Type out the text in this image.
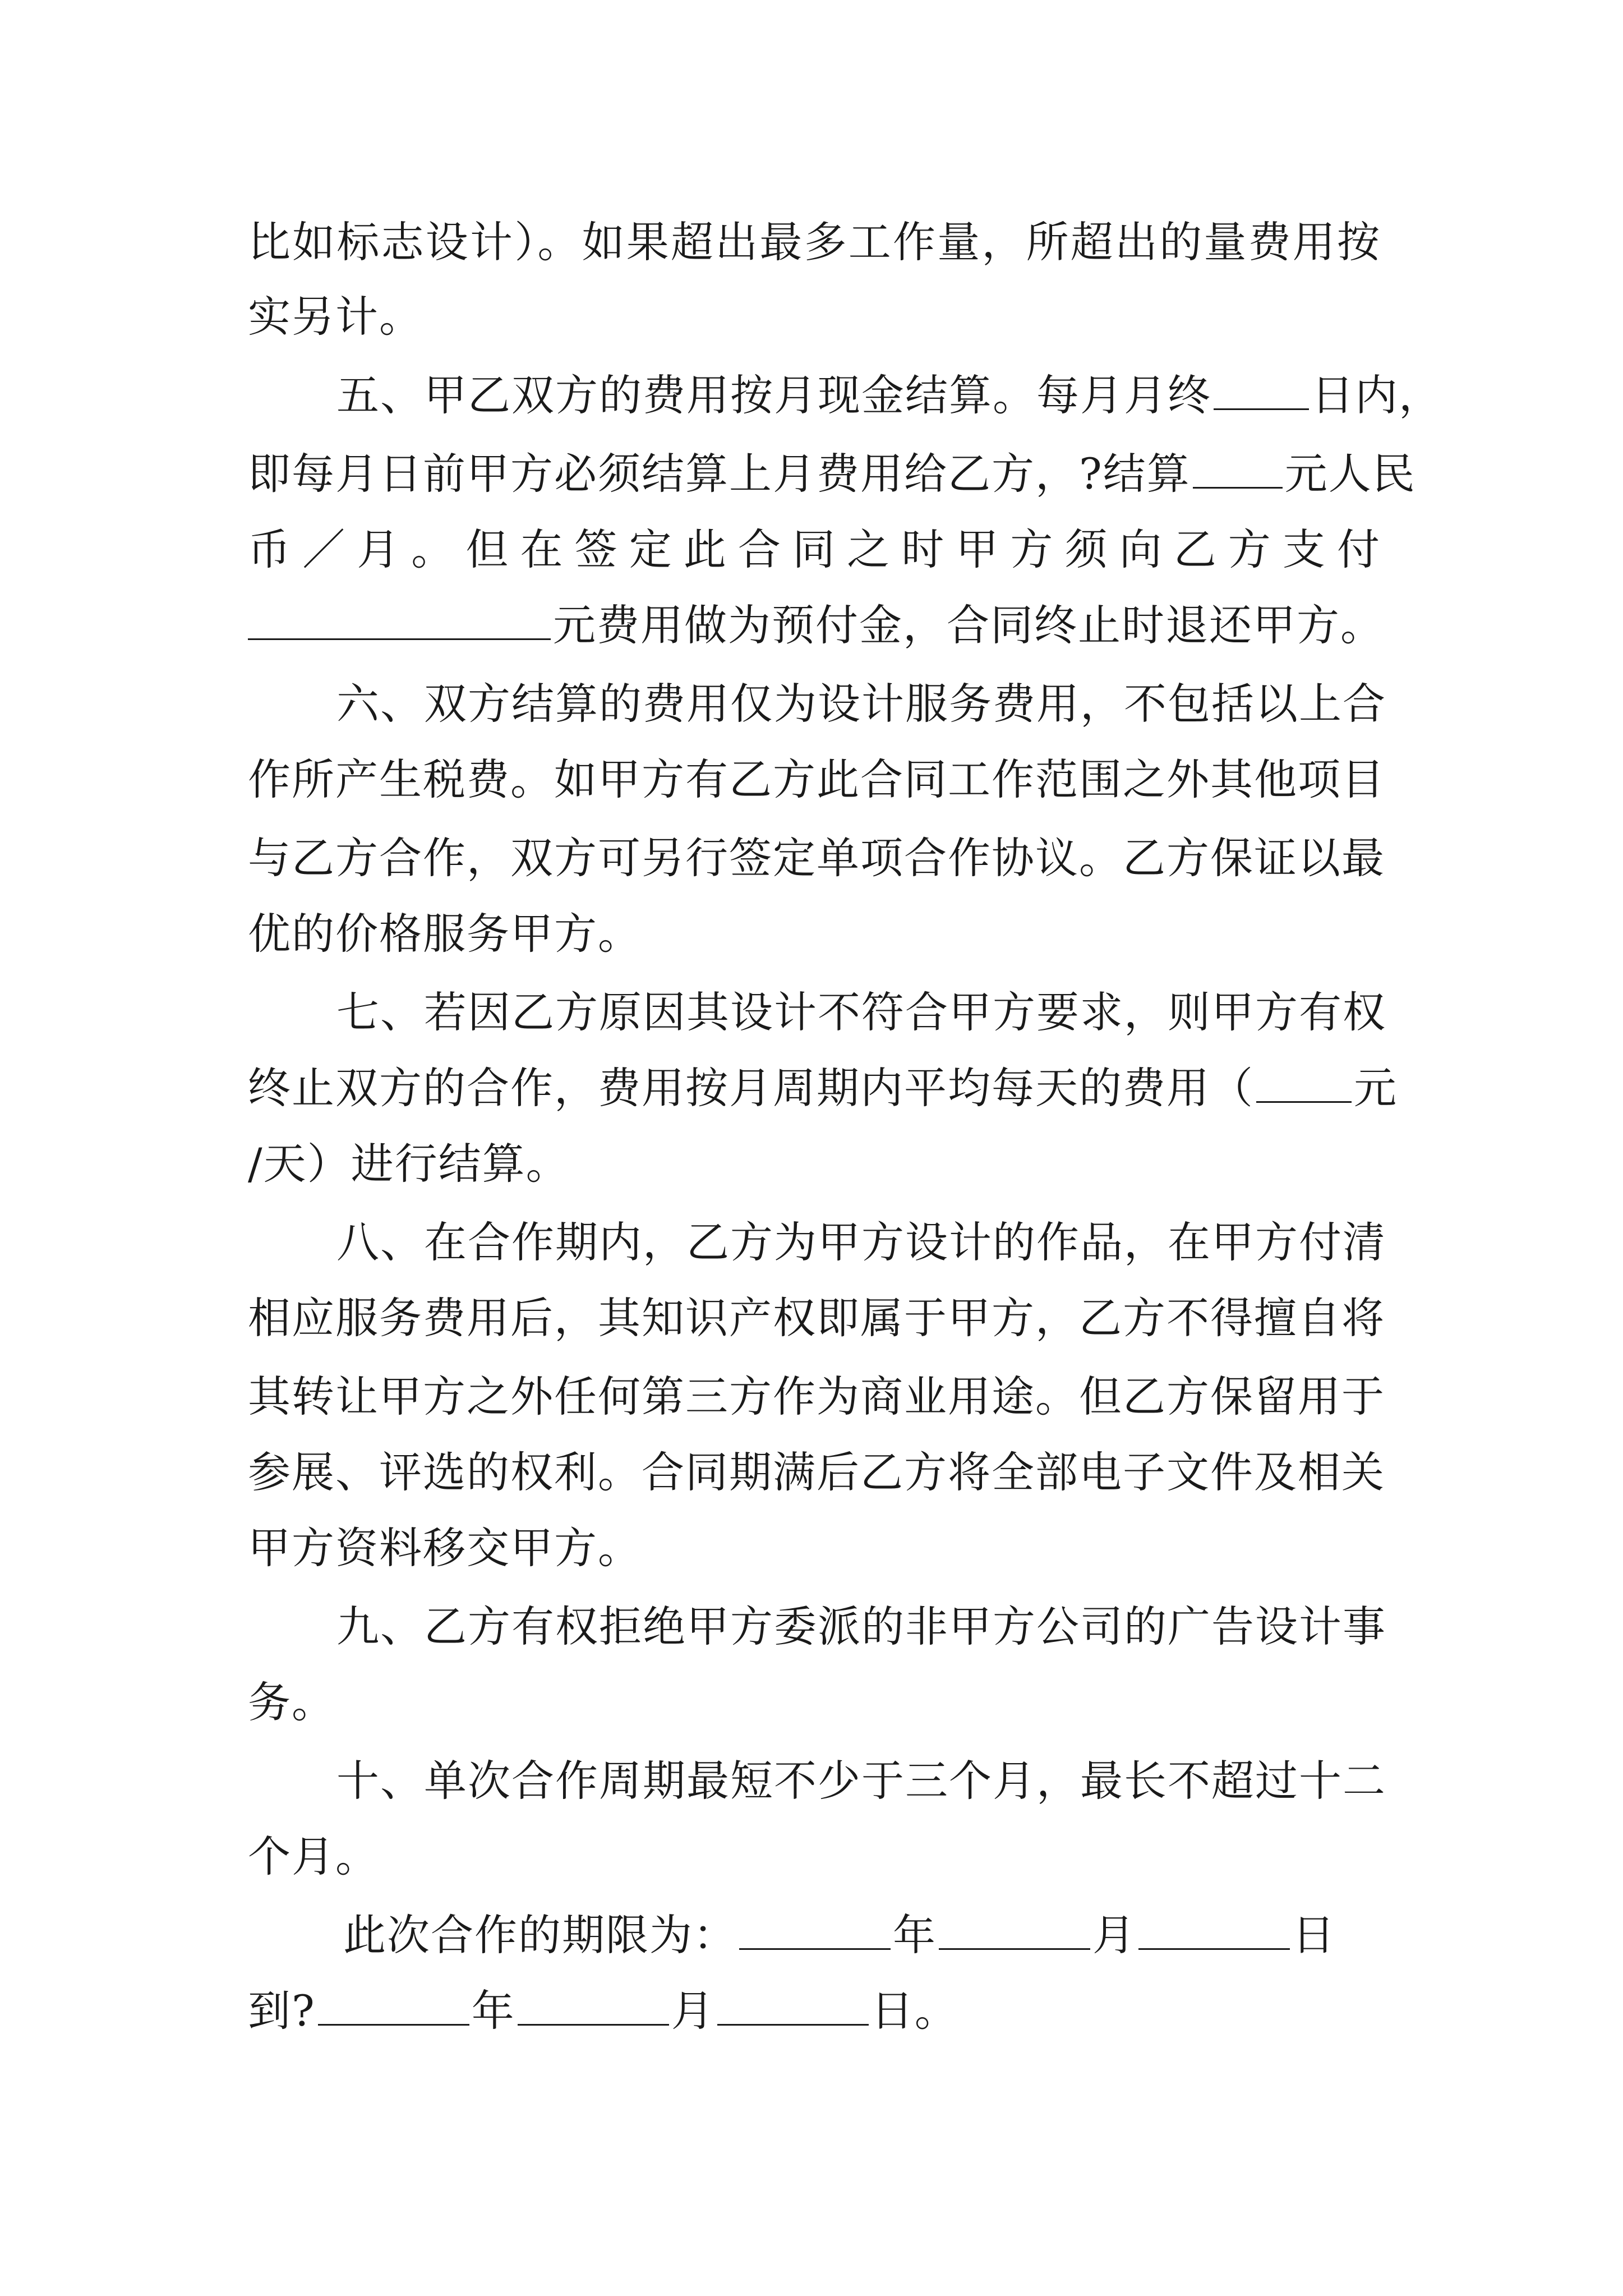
比如标志设计）。如果超出最多工作量，所超出的量费用按
实另计。
五、甲乙双方的费用按月现金结算。每月月终 日内，
即每月日前甲方必须结算上月费用给乙方，?结算 元人民
币／月。但在签定此合同之时甲方须向乙方支付
元费用做为预付金，合同终止时退还甲方。
六、双方结算的费用仅为设计服务费用，不包括以上合
作所产生税费。如甲方有乙方此合同工作范围之外其他项目
与乙方合作，双方可另行签定单项合作协议。乙方保证以最
优的价格服务甲方。
七、若因乙方原因其设计不符合甲方要求，则甲方有权
终止双方的合作，费用按月周期内平均每天的费用（ 元
/天）进行结算。
八、在合作期内，乙方为甲方设计的作品，在甲方付清
相应服务费用后，其知识产权即属于甲方，乙方不得擅自将
其转让甲方之外任何第三方作为商业用途。但乙方保留用于
参展、评选的权利。合同期满后乙方将全部电子文件及相关
甲方资料移交甲方。
九、乙方有权拒绝甲方委派的非甲方公司的广告设计事
务。
十、单次合作周期最短不少于三个月，最长不超过十二
个月。
此次合作的期限为：	年	月	日
到?	年	月	日。
